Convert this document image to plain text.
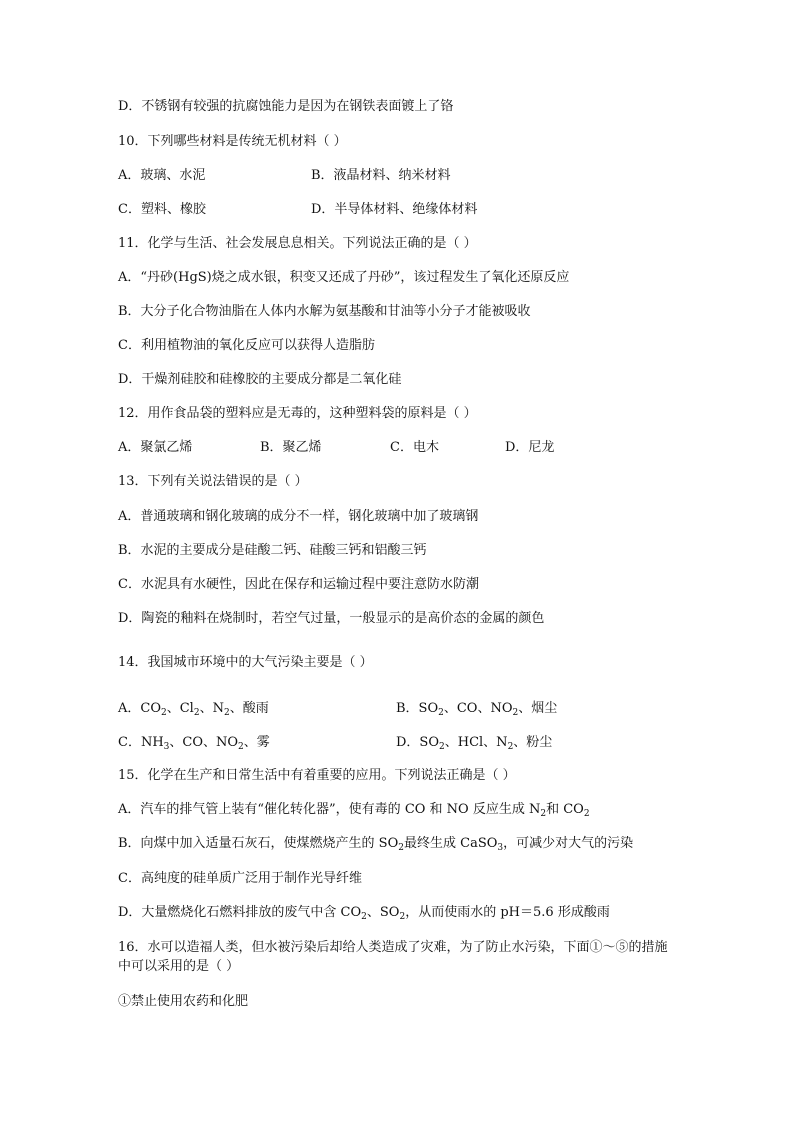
D．不锈钢有较强的抗腐蚀能力是因为在钢铁表面镀上了铬
10．下列哪些材料是传统无机材料（ ）
A．玻璃、水泥	B．液晶材料、纳米材料
C．塑料、橡胶	D．半导体材料、绝缘体材料
11．化学与生活、社会发展息息相关。下列说法正确的是（ ）
A．“丹砂(HgS)烧之成水银，积变又还成了丹砂”，该过程发生了氧化还原反应
B．大分子化合物油脂在人体内水解为氨基酸和甘油等小分子才能被吸收
C．利用植物油的氧化反应可以获得人造脂肪
D．干燥剂硅胶和硅橡胶的主要成分都是二氧化硅
12．用作食品袋的塑料应是无毒的，这种塑料袋的原料是（ ）
A．聚氯乙烯	B．聚乙烯	C．电木	D．尼龙
13．下列有关说法错误的是（ ）
A．普通玻璃和钢化玻璃的成分不一样，钢化玻璃中加了玻璃钢
B．水泥的主要成分是硅酸二钙、硅酸三钙和铝酸三钙
C．水泥具有水硬性，因此在保存和运输过程中要注意防水防潮
D．陶瓷的釉料在烧制时，若空气过量，一般显示的是高价态的金属的颜色
14．我国城市环境中的大气污染主要是（ ）
A．$CO_2$、$Cl_2$、$N_2$、酸雨	B．$SO_2$、CO、$NO_2$、烟尘
C．$NH_3$、CO、$NO_2$、雾	D．$SO_2$、HCl、$N_2$、粉尘
15．化学在生产和日常生活中有着重要的应用。下列说法正确是（ ）
A．汽车的排气管上装有“催化转化器”，使有毒的 CO 和 NO 反应生成 $N_2$和 $CO_2$
B．向煤中加入适量石灰石，使煤燃烧产生的 $SO_2$最终生成 CaSO$_3$，可减少对大气的污染
C．高纯度的硅单质广泛用于制作光导纤维
D．大量燃烧化石燃料排放的废气中含 $CO_2$、$SO_2$，从而使雨水的 pH＝5.6 形成酸雨
16．水可以造福人类，但水被污染后却给人类造成了灾难，为了防止水污染，下面①～⑤的措施中可以采用的是（ ）
①禁止使用农药和化肥
